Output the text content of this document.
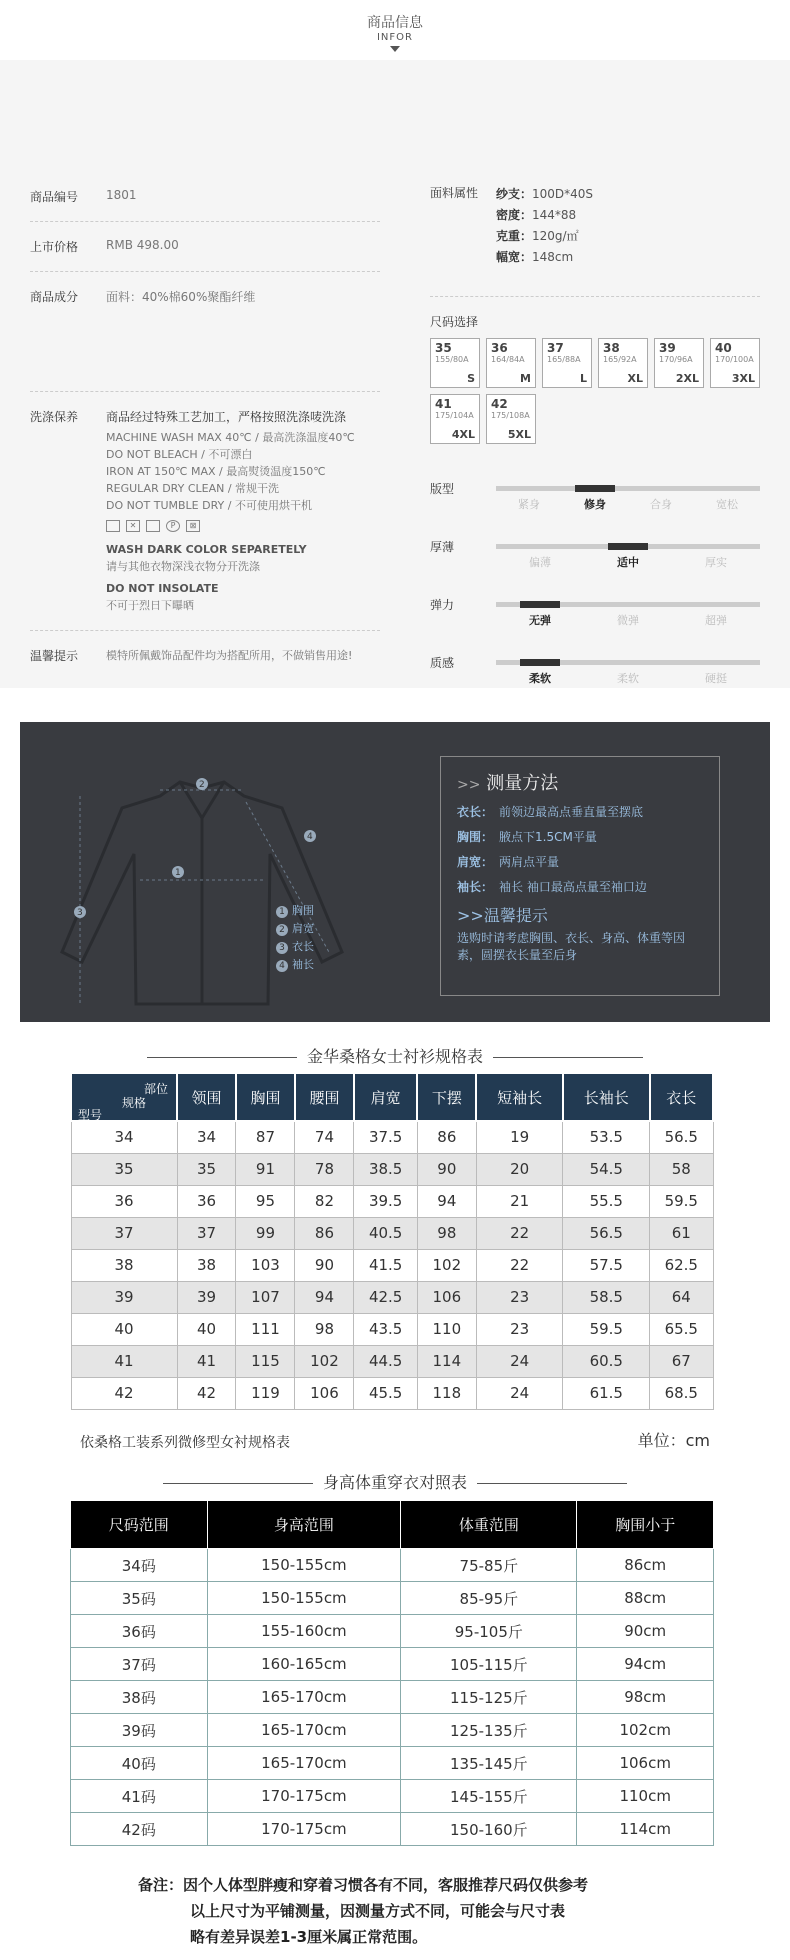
商品信息
INFOR
商品编号	1801
上市价格	RMB 498.00
商品成分	面料：40%棉60%聚酯纤维
洗涤保养	商品经过特殊工艺加工，严格按照洗涤唛洗涤
MACHINE WASH MAX 40℃ / 最高洗涤温度40℃
DO NOT BLEACH / 不可漂白
IRON AT 150℃ MAX / 最高熨烫温度150℃
REGULAR DRY CLEAN / 常规干洗
DO NOT TUMBLE DRY / 不可使用烘干机
✕	P	⊠
WASH DARK COLOR SEPARETELY
请与其他衣物深浅衣物分开洗涤
DO NOT INSOLATE
不可于烈日下曝晒
温馨提示	模特所佩戴饰品配件均为搭配所用，不做销售用途!
面料属性	纱支：100D*40S
密度：144*88
克重：120g/㎡
幅宽：148cm
尺码选择
35
155/80A
S
36
164/84A
M
37
165/88A
L
38
165/92A
XL
39
170/96A
2XL
40
170/100A
3XL
41
175/104A
4XL
42
175/108A
5XL
版型
紧身	修身	合身	宽松
厚薄
偏薄	适中	厚实
弹力
无弹	微弹	超弹
质感
柔软	柔软	硬挺
1
2
3
4
1 胸围
2 肩宽
3 衣长
4 袖长
>> 测量方法
衣长： 前领边最高点垂直量至摆底
胸围： 腋点下1.5CM平量
肩宽： 两肩点平量
袖长： 袖长 袖口最高点量至袖口边
>>温馨提示
选购时请考虑胸围、衣长、身高、体重等因素，圆摆衣长量至后身
金华桑格女士衬衫规格表
部位
规格
型号	领围	胸围	腰围	肩宽	下摆	短袖长	长袖长	衣长
34	34	87	74	37.5	86	19	53.5	56.5
35	35	91	78	38.5	90	20	54.5	58
36	36	95	82	39.5	94	21	55.5	59.5
37	37	99	86	40.5	98	22	56.5	61
38	38	103	90	41.5	102	22	57.5	62.5
39	39	107	94	42.5	106	23	58.5	64
40	40	111	98	43.5	110	23	59.5	65.5
41	41	115	102	44.5	114	24	60.5	67
42	42	119	106	45.5	118	24	61.5	68.5
依桑格工装系列微修型女衬规格表	单位：cm
身高体重穿衣对照表
尺码范围	身高范围	体重范围	胸围小于
34码	150-155cm	75-85斤	86cm
35码	150-155cm	85-95斤	88cm
36码	155-160cm	95-105斤	90cm
37码	160-165cm	105-115斤	94cm
38码	165-170cm	115-125斤	98cm
39码	165-170cm	125-135斤	102cm
40码	165-170cm	135-145斤	106cm
41码	170-175cm	145-155斤	110cm
42码	170-175cm	150-160斤	114cm
备注：因个人体型胖瘦和穿着习惯各有不同，客服推荐尺码仅供参考
以上尺寸为平铺测量，因测量方式不同，可能会与尺寸表
略有差异误差1-3厘米属正常范围。
